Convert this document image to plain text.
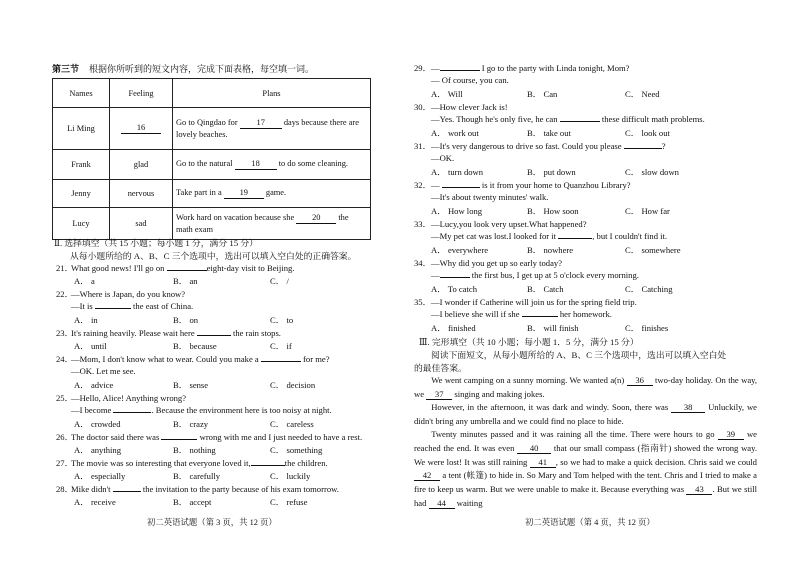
第三节 根据你所听到的短文内容，完成下面表格，每空填一词。
Names	Feeling	Plans
Li Ming	16	Go to Qingdao for 17 days because there are lovely beaches.
Frank	glad	Go to the natural 18 to do some cleaning.
Jenny	nervous	Take part in a 19 game.
Lucy	sad	Work hard on vacation because she 20 the math exam
Ⅱ. 选择填空（共 15 小题；每小题 1 分，满分 15 分）
从每小题所给的 A、B、C 三个选项中，选出可以填入空白处的正确答案。
21．What good news! I'll go on	eight-day visit to Beijing.
A． a	B． an	C． /
22．—Where is Japan, do you know?
—It is	the east of China.
A． in	B． on	C． to
23．It's raining heavily. Please wait here	the rain stops.
A． until	B． because	C． if
24．—Mom, I don't know what to wear. Could you make a	for me?
—OK. Let me see.
A． advice	B． sense	C． decision
25．—Hello, Alice! Anything wrong?
—I become	. Because the environment here is too noisy at night.
A． crowded	B． crazy	C． careless
26．The doctor said there was	wrong with me and I just needed to have a rest.
A． anything	B． nothing	C． something
27．The movie was so interesting that everyone loved it,	the children.
A． especially	B． carefully	C． luckily
28．Mike didn't	the invitation to the party because of his exam tomorrow.
A． receive	B． accept	C． refuse
初二英语试题（第 3 页，共 12 页）
29．—	I go to the party with Linda tonight, Mom?
— Of course, you can.
A． Will	B． Can	C． Need
30．—How clever Jack is!
—Yes. Though he's only five, he can	these difficult math problems.
A． work out	B． take out	C． look out
31．—It's very dangerous to drive so fast. Could you please	?
—OK.
A． turn down	B． put down	C． slow down
32．—	is it from your home to Quanzhou Library?
—It's about twenty minutes' walk.
A． How long	B． How soon	C． How far
33．—Lucy,you look very upset.What happened?
—My pet cat was lost.I looked for it	, but I couldn't find it.
A． everywhere	B． nowhere	C． somewhere
34．—Why did you get up so early today?
—	the first bus, I get up at 5 o'clock every morning.
A． To catch	B． Catch	C． Catching
35．—I wonder if Catherine will join us for the spring field trip.
—I believe she will if she	her homework.
A． finished	B． will finish	C． finishes
Ⅲ. 完形填空（共 10 小题；每小题 1．5 分，满分 15 分）
阅读下面短文，从每小题所给的 A、B、C 三个选项中，选出可以填入空白处
的最佳答案。
  We went camping on a sunny morning. We wanted a(n) 36 two-day holiday. On the way, we 37 singing and making jokes.
  However, in the afternoon, it was dark and windy. Soon, there was 38 Unluckily, we didn't bring any umbrella and we could find no place to hide.
  Twenty minutes passed and it was raining all the time. There were hours to go 39 we reached the end. It was even 40 that our small compass (指南针) showed the wrong way. We were lost! It was still raining 41 , so we had to make a quick decision. Chris said we could 42 a tent (帐篷) to hide in. So Mary and Tom helped with the tent. Chris and I tried to make a fire to keep us warm. But we were unable to make it. Because everything was 43 . But we still had 44 waiting
初二英语试题（第 4 页，共 12 页）
